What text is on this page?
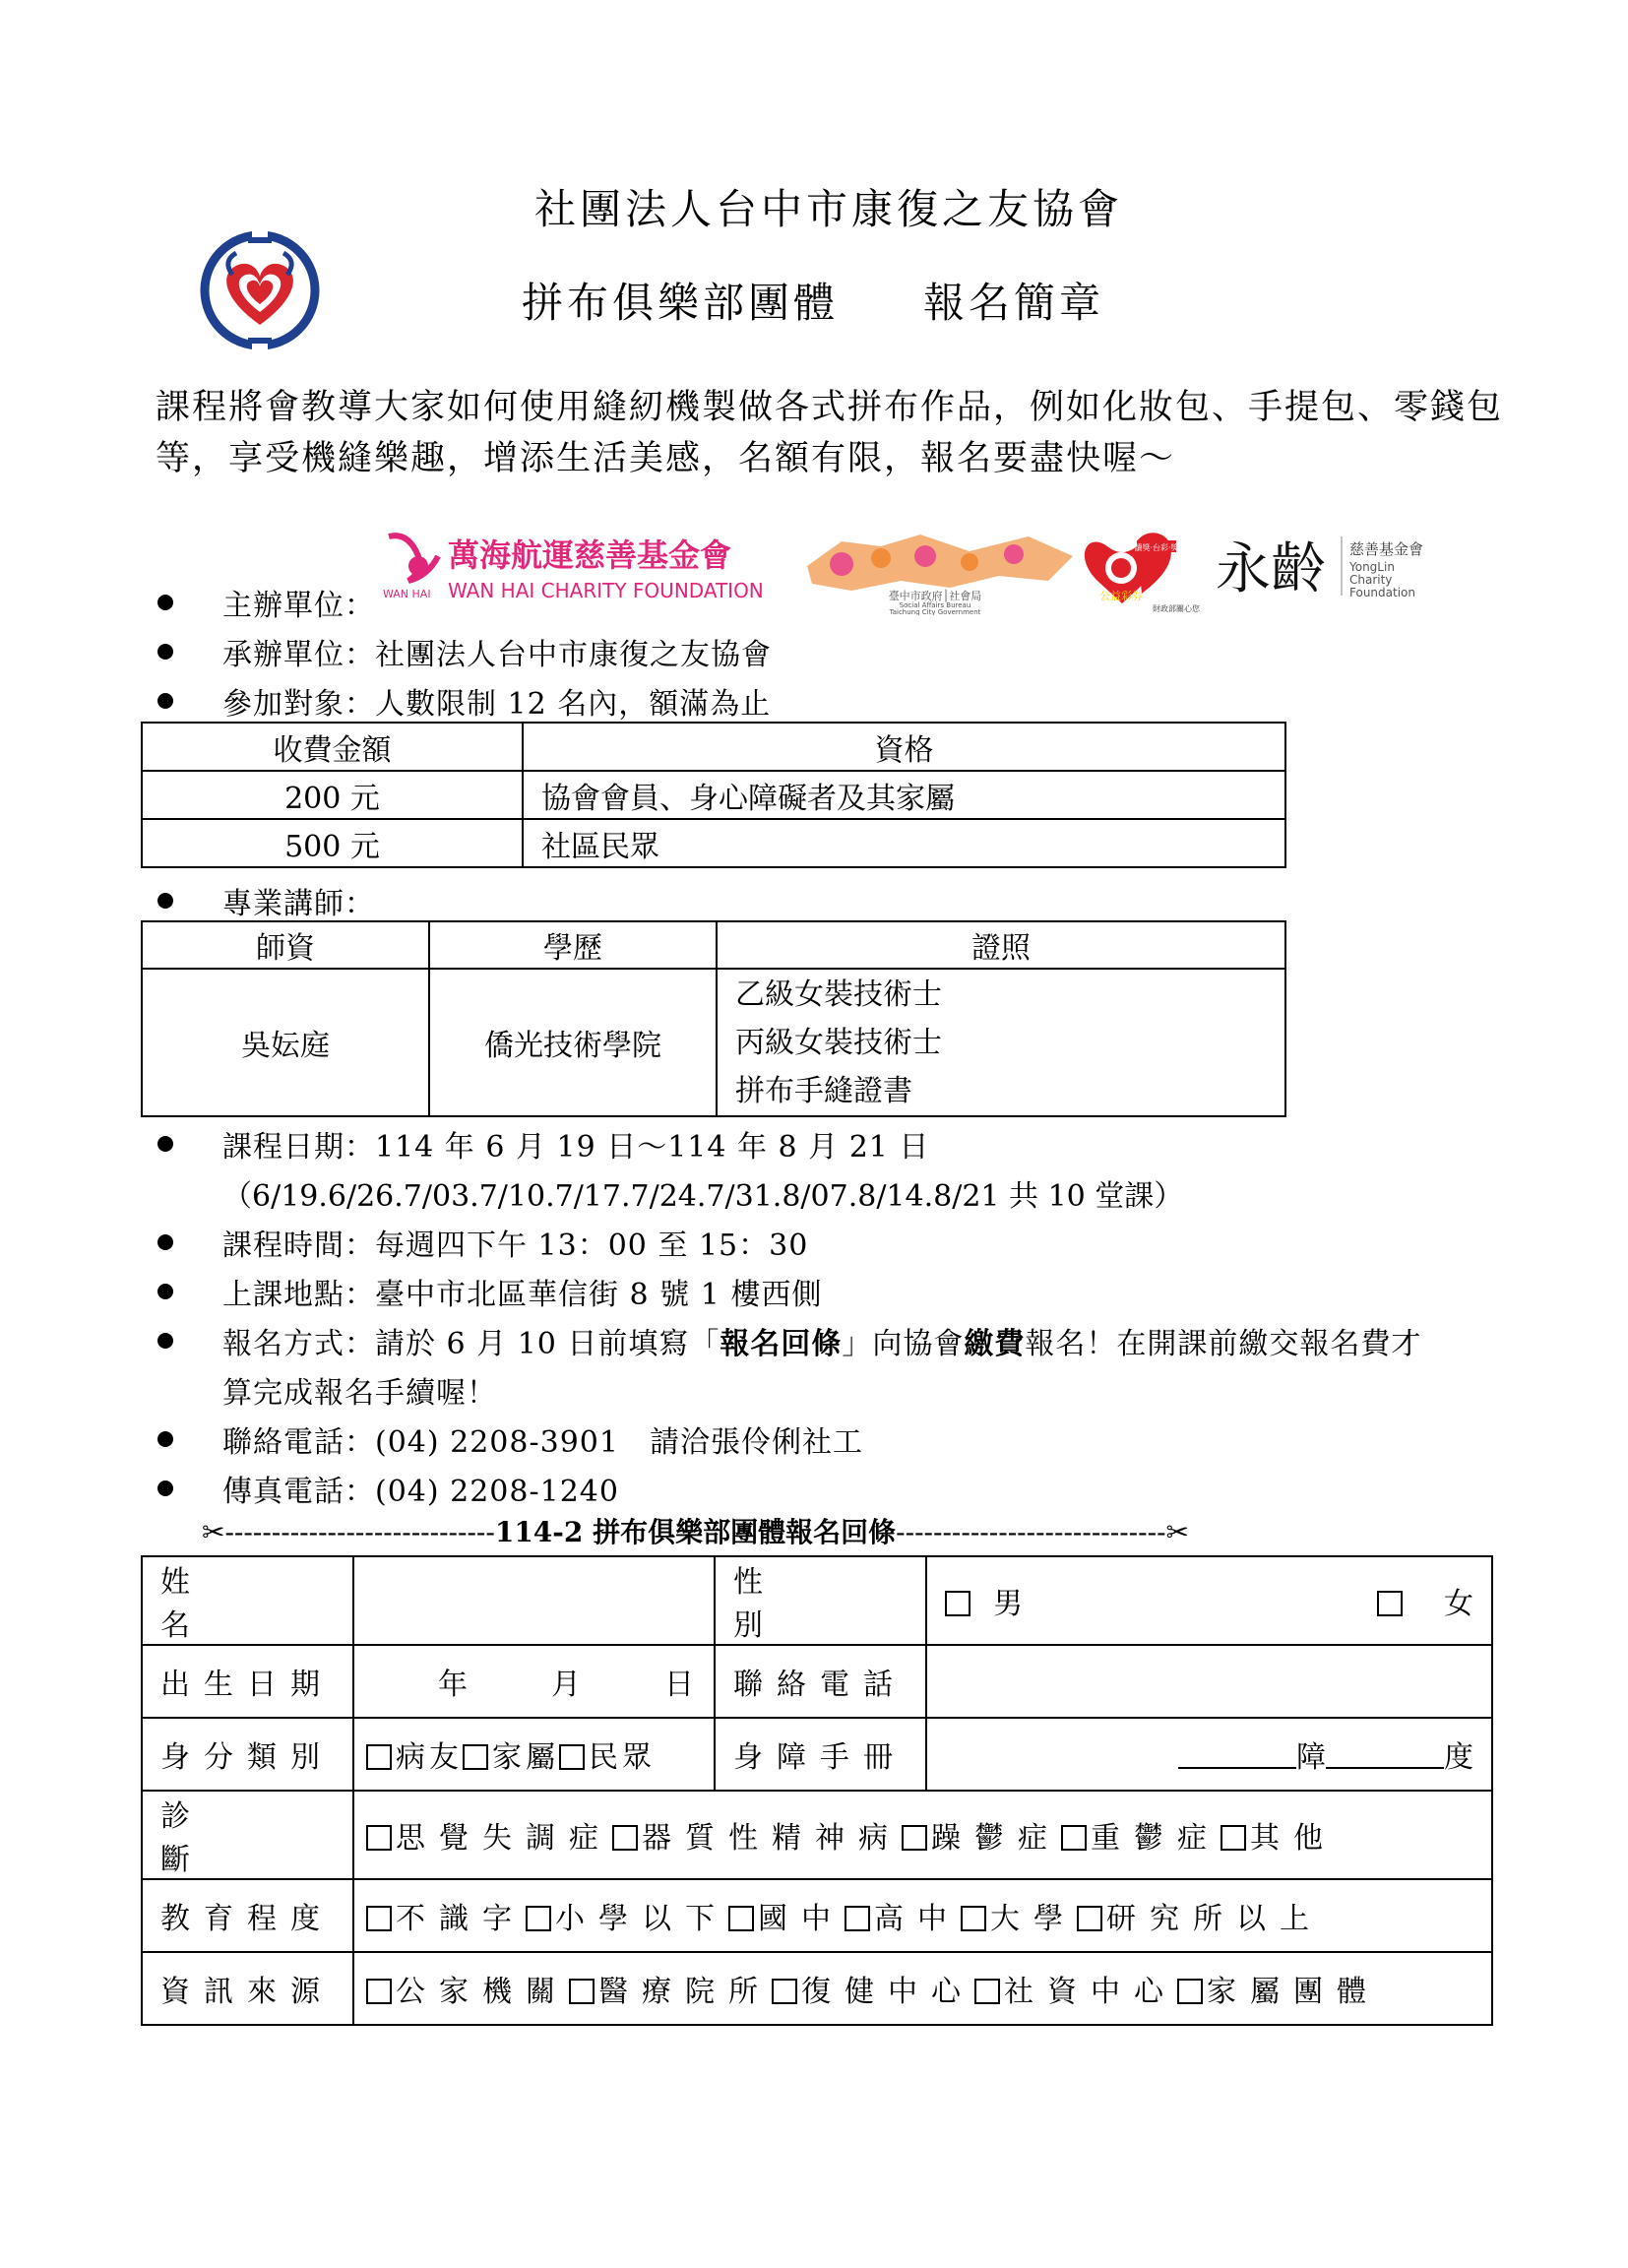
社團法人台中市康復之友協會
拼布俱樂部團體 報名簡章
課程將會教導大家如何使用縫紉機製做各式拼布作品，例如化妝包、手提包、零錢包等，享受機縫樂趣，增添生活美感，名額有限，報名要盡快喔～
萬海航運慈善基金會
WAN HAI CHARITY FOUNDATION
WAN HAI	臺中市政府│社會局
Social Affairs Bureau
Taichung City Government
讀獎‧台彩‧獎
公益彩券
財政部關心您
永齡 慈善基金會
YongLin
Charity
Foundation
主辦單位：
承辦單位：社團法人台中市康復之友協會
參加對象：人數限制 12 名內，額滿為止
收費金額	資格
200 元	協會會員、身心障礙者及其家屬
500 元	社區民眾
專業講師：
師資	學歷	證照
吳妘庭	僑光技術學院	乙級女裝技術士
丙級女裝技術士
拼布手縫證書
課程日期：114 年 6 月 19 日～114 年 8 月 21 日
（6/19.6/26.7/03.7/10.7/17.7/24.7/31.8/07.8/14.8/21 共 10 堂課）
課程時間：每週四下午 13：00 至 15：30
上課地點：臺中市北區華信街 8 號 1 樓西側
報名方式：請於 6 月 10 日前填寫「報名回條」向協會繳費報名！在開課前繳交報名費才
算完成報名手續喔！
聯絡電話：(04) 2208-3901　請洽張伶俐社工
傳真電話：(04) 2208-1240
✂-----------------------------114-2 拼布俱樂部團體報名回條-----------------------------✂
姓　　　名		性　　　別	男 女

出生日期	年 月 日	聯絡電話	
身分類別	病友 家屬 民眾	身障手冊	障 度
診　　　斷	思覺失調症 器質性精神病 躁鬱症 重鬱症 其他		
教育程度	不識字 小學以下 國中 高中 大學 研究所以上		
資訊來源	公家機關 醫療院所 復健中心 社資中心 家屬團體		
